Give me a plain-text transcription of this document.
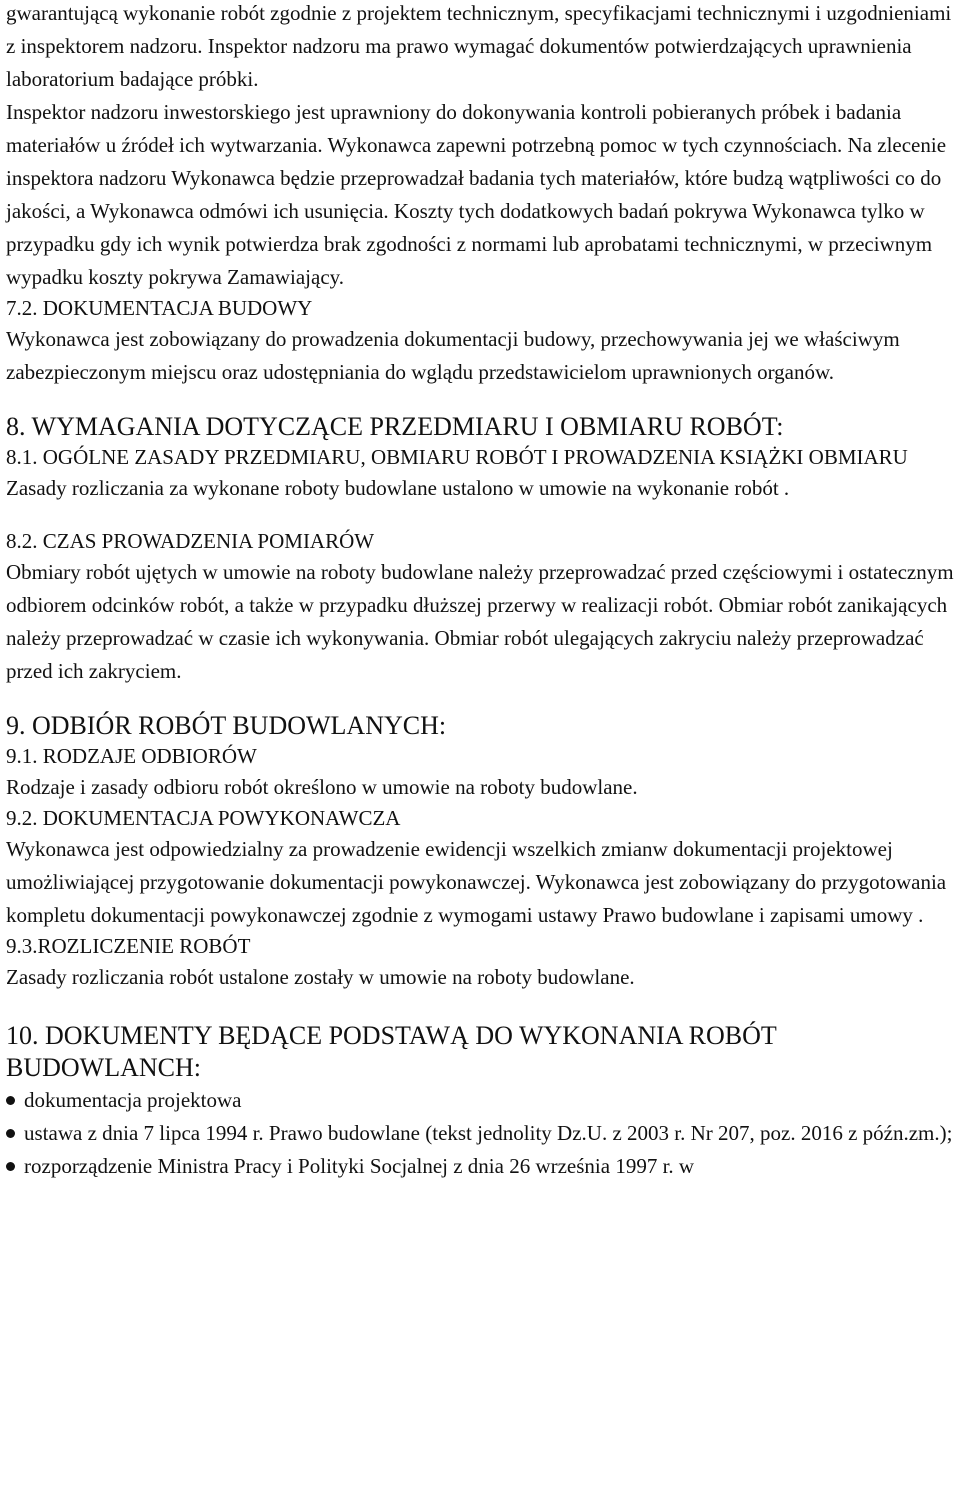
gwarantującą wykonanie robót zgodnie z projektem technicznym, specyfikacjami technicznymi i uzgodnieniami z inspektorem nadzoru. Inspektor nadzoru ma prawo wymagać dokumentów potwierdzających uprawnienia laboratorium badające próbki.

Inspektor nadzoru inwestorskiego jest uprawniony do dokonywania kontroli pobieranych próbek i badania materiałów u źródeł ich wytwarzania. Wykonawca zapewni potrzebną pomoc w tych czynnościach. Na zlecenie inspektora nadzoru Wykonawca będzie przeprowadzał badania tych materiałów, które budzą wątpliwości co do jakości, a Wykonawca odmówi ich usunięcia. Koszty tych dodatkowych badań pokrywa Wykonawca tylko w przypadku gdy ich wynik potwierdza brak zgodności z normami lub aprobatami technicznymi, w przeciwnym wypadku koszty pokrywa Zamawiający.

7.2. DOKUMENTACJA BUDOWY

Wykonawca jest zobowiązany do prowadzenia dokumentacji budowy, przechowywania jej we właściwym zabezpieczonym miejscu oraz udostępniania do wglądu przedstawicielom uprawnionych organów.

8. WYMAGANIA DOTYCZĄCE PRZEDMIARU I OBMIARU ROBÓT:

8.1. OGÓLNE ZASADY PRZEDMIARU, OBMIARU ROBÓT I PROWADZENIA KSIĄŻKI OBMIARU

Zasady rozliczania za wykonane roboty budowlane ustalono w umowie na wykonanie robót .

8.2. CZAS PROWADZENIA POMIARÓW

Obmiary robót ujętych w umowie na roboty budowlane należy przeprowadzać przed częściowymi i ostatecznym odbiorem odcinków robót, a także w przypadku dłuższej przerwy w realizacji robót. Obmiar robót zanikających należy przeprowadzać w czasie ich wykonywania. Obmiar robót ulegających zakryciu należy przeprowadzać przed ich zakryciem.

9. ODBIÓR ROBÓT BUDOWLANYCH:

9.1. RODZAJE ODBIORÓW

Rodzaje i zasady odbioru robót określono w umowie na roboty budowlane.

9.2. DOKUMENTACJA POWYKONAWCZA

Wykonawca jest odpowiedzialny za prowadzenie ewidencji wszelkich zmianw dokumentacji projektowej umożliwiającej przygotowanie dokumentacji powykonawczej. Wykonawca jest zobowiązany do przygotowania kompletu dokumentacji powykonawczej zgodnie z wymogami ustawy Prawo budowlane i zapisami umowy .

9.3.ROZLICZENIE ROBÓT

Zasady rozliczania robót ustalone zostały w umowie na roboty budowlane.

10. DOKUMENTY BĘDĄCE PODSTAWĄ DO WYKONANIA ROBÓT BUDOWLANCH:

dokumentacja projektowa
ustawa z dnia 7 lipca 1994 r. Prawo budowlane (tekst jednolity Dz.U. z 2003 r. Nr 207, poz. 2016 z późn.zm.);
rozporządzenie Ministra Pracy i Polityki Socjalnej z dnia 26 września 1997 r. w
